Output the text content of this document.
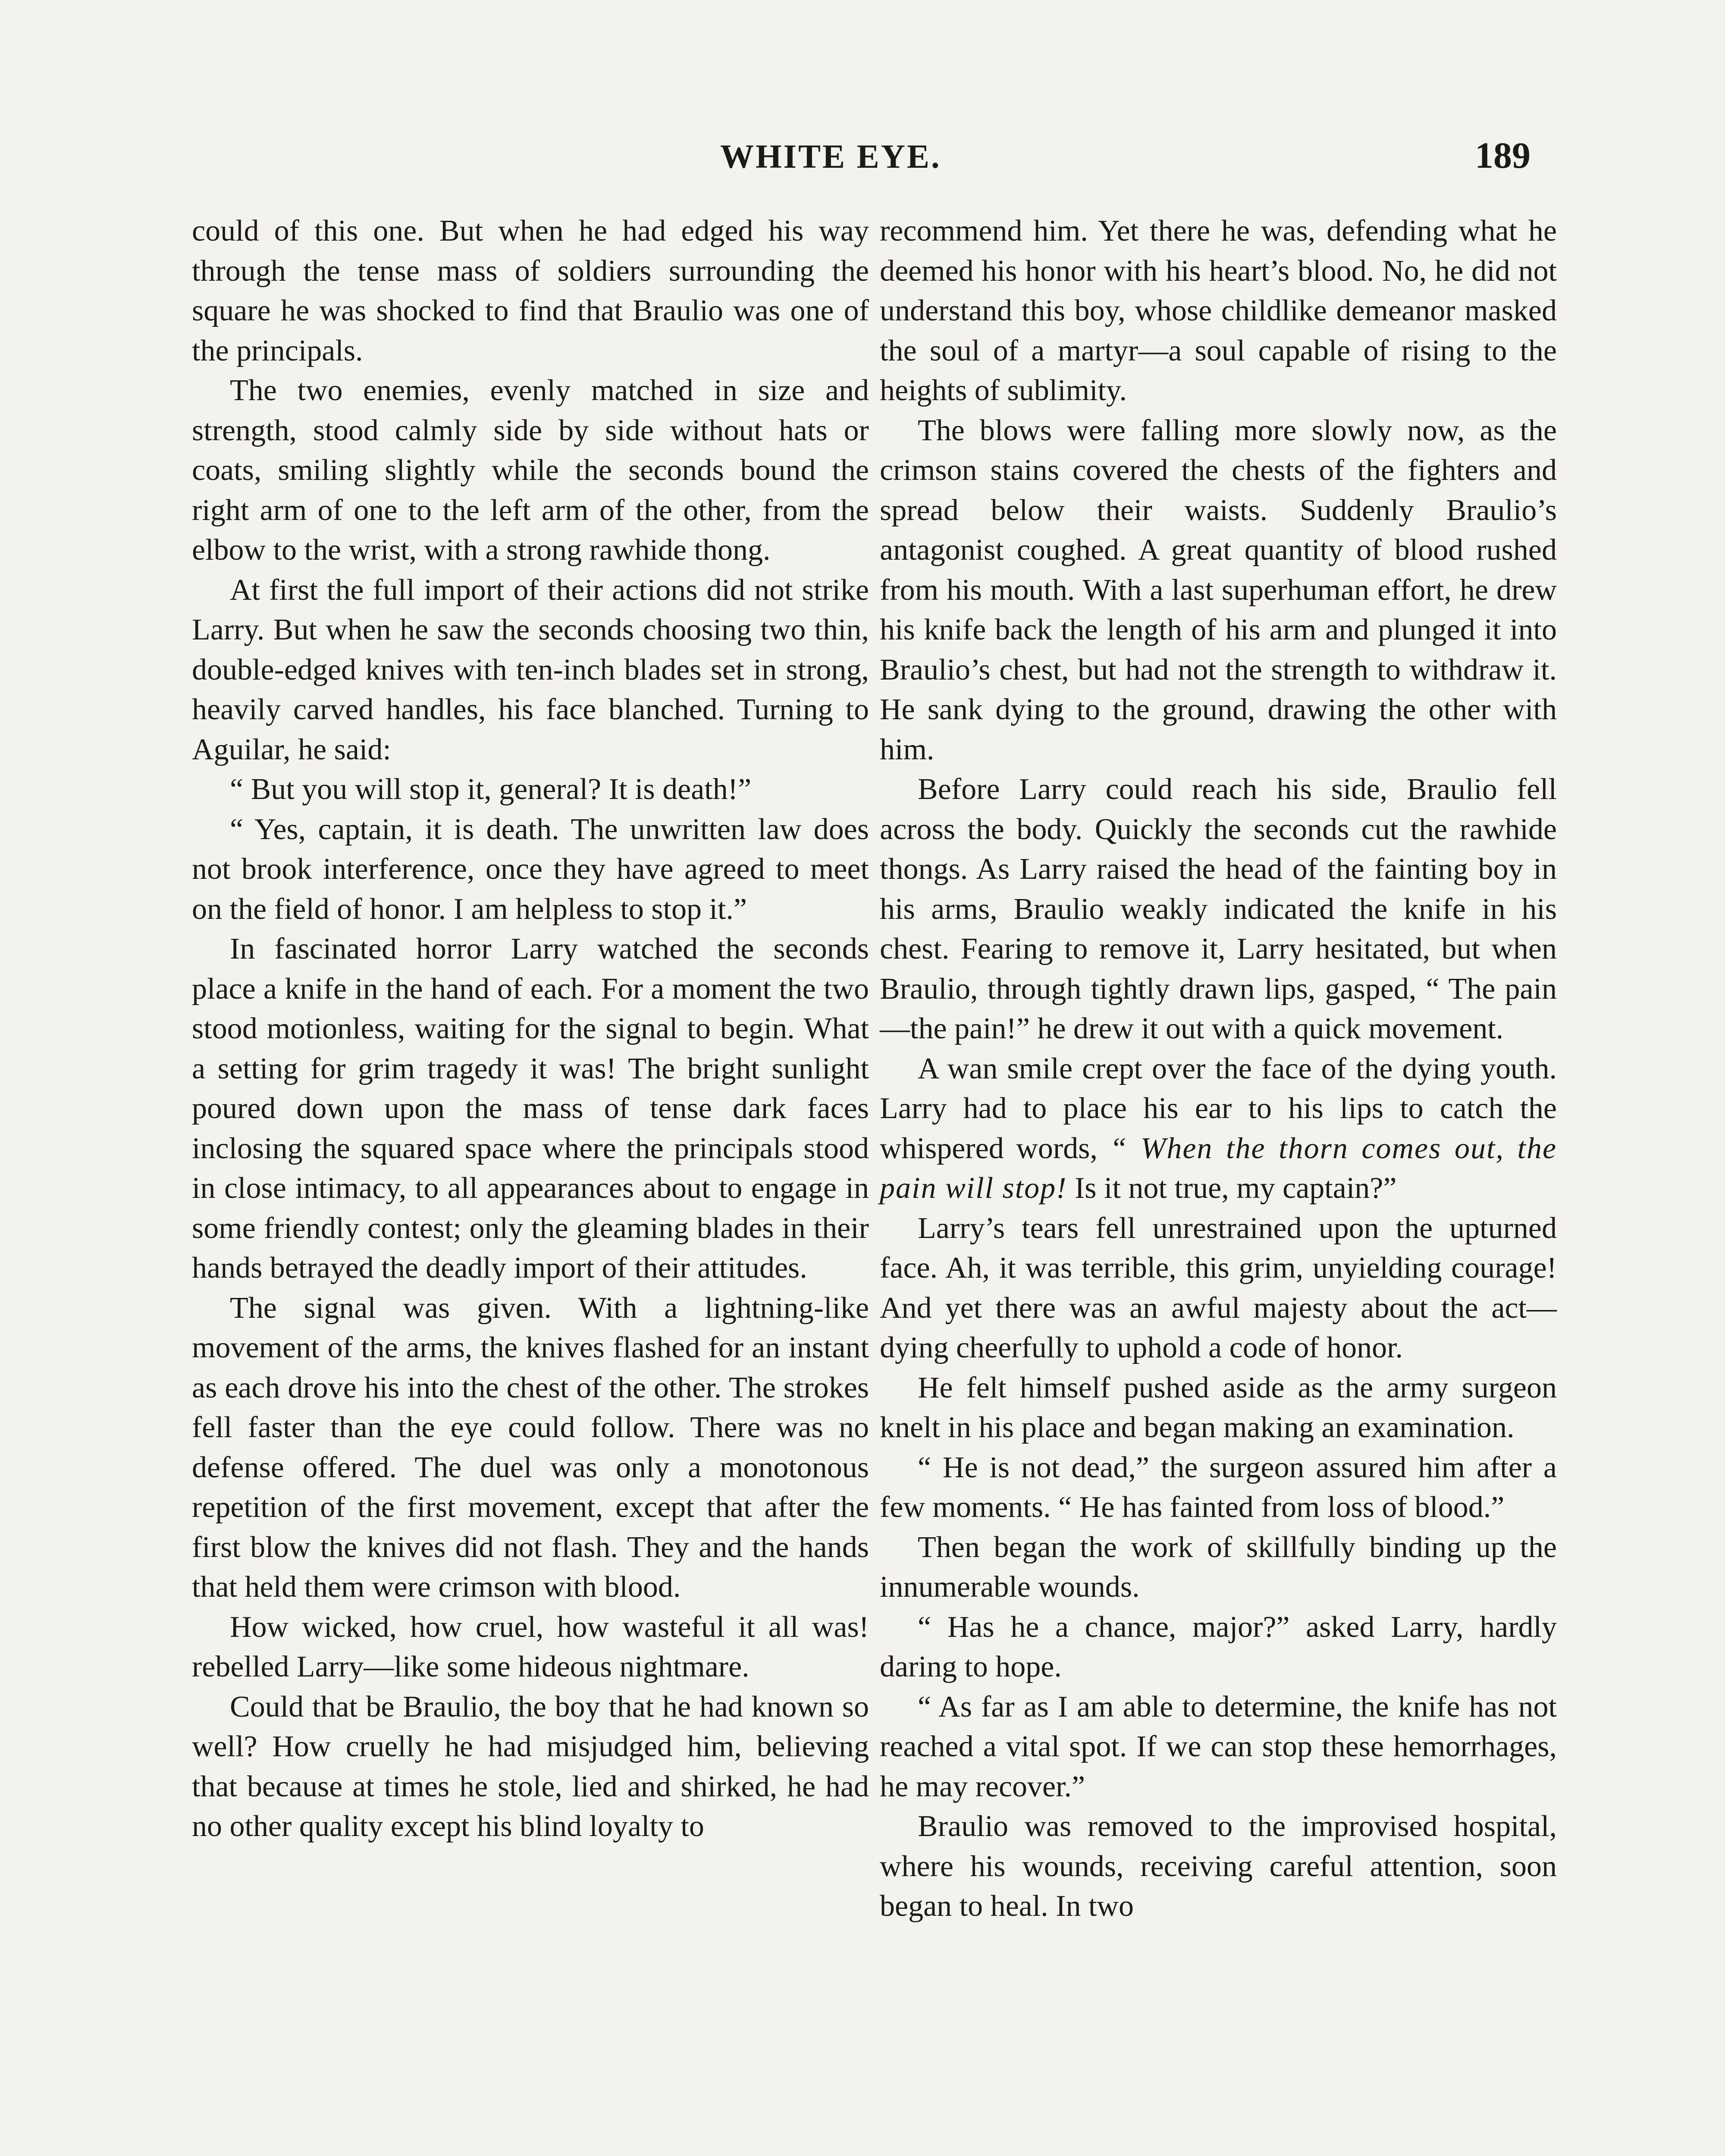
WHITE EYE.	189

could of this one. But when he had edged his way through the tense mass of soldiers surrounding the square he was shocked to find that Braulio was one of the principals.

The two enemies, evenly matched in size and strength, stood calmly side by side without hats or coats, smiling slightly while the seconds bound the right arm of one to the left arm of the other, from the elbow to the wrist, with a strong rawhide thong.

At first the full import of their actions did not strike Larry. But when he saw the seconds choosing two thin, double-edged knives with ten-inch blades set in strong, heavily carved handles, his face blanched. Turning to Aguilar, he said:

“ But you will stop it, general? It is death!”

“ Yes, captain, it is death. The unwritten law does not brook interference, once they have agreed to meet on the field of honor. I am helpless to stop it.”

In fascinated horror Larry watched the seconds place a knife in the hand of each. For a moment the two stood motionless, waiting for the signal to begin. What a setting for grim tragedy it was! The bright sunlight poured down upon the mass of tense dark faces inclosing the squared space where the principals stood in close intimacy, to all appearances about to engage in some friendly contest; only the gleaming blades in their hands betrayed the deadly import of their attitudes.

The signal was given. With a lightning-like movement of the arms, the knives flashed for an instant as each drove his into the chest of the other. The strokes fell faster than the eye could follow. There was no defense offered. The duel was only a monotonous repetition of the first movement, except that after the first blow the knives did not flash. They and the hands that held them were crimson with blood.

How wicked, how cruel, how wasteful it all was! rebelled Larry—like some hideous nightmare.

Could that be Braulio, the boy that he had known so well? How cruelly he had misjudged him, believing that because at times he stole, lied and shirked, he had no other quality except his blind loyalty to

recommend him. Yet there he was, defending what he deemed his honor with his heart’s blood. No, he did not understand this boy, whose childlike demeanor masked the soul of a martyr—a soul capable of rising to the heights of sublimity.

The blows were falling more slowly now, as the crimson stains covered the chests of the fighters and spread below their waists. Suddenly Braulio’s antagonist coughed. A great quantity of blood rushed from his mouth. With a last superhuman effort, he drew his knife back the length of his arm and plunged it into Braulio’s chest, but had not the strength to withdraw it. He sank dying to the ground, drawing the other with him.

Before Larry could reach his side, Braulio fell across the body. Quickly the seconds cut the rawhide thongs. As Larry raised the head of the fainting boy in his arms, Braulio weakly indicated the knife in his chest. Fearing to remove it, Larry hesitated, but when Braulio, through tightly drawn lips, gasped, “ The pain—the pain!” he drew it out with a quick movement.

A wan smile crept over the face of the dying youth. Larry had to place his ear to his lips to catch the whispered words, “ When the thorn comes out, the pain will stop! Is it not true, my captain?”

Larry’s tears fell unrestrained upon the upturned face. Ah, it was terrible, this grim, unyielding courage! And yet there was an awful majesty about the act—dying cheerfully to uphold a code of honor.

He felt himself pushed aside as the army surgeon knelt in his place and began making an examination.

“ He is not dead,” the surgeon assured him after a few moments. “ He has fainted from loss of blood.”

Then began the work of skillfully binding up the innumerable wounds.

“ Has he a chance, major?” asked Larry, hardly daring to hope.

“ As far as I am able to determine, the knife has not reached a vital spot. If we can stop these hemorrhages, he may recover.”

Braulio was removed to the improvised hospital, where his wounds, receiving careful attention, soon began to heal. In two
